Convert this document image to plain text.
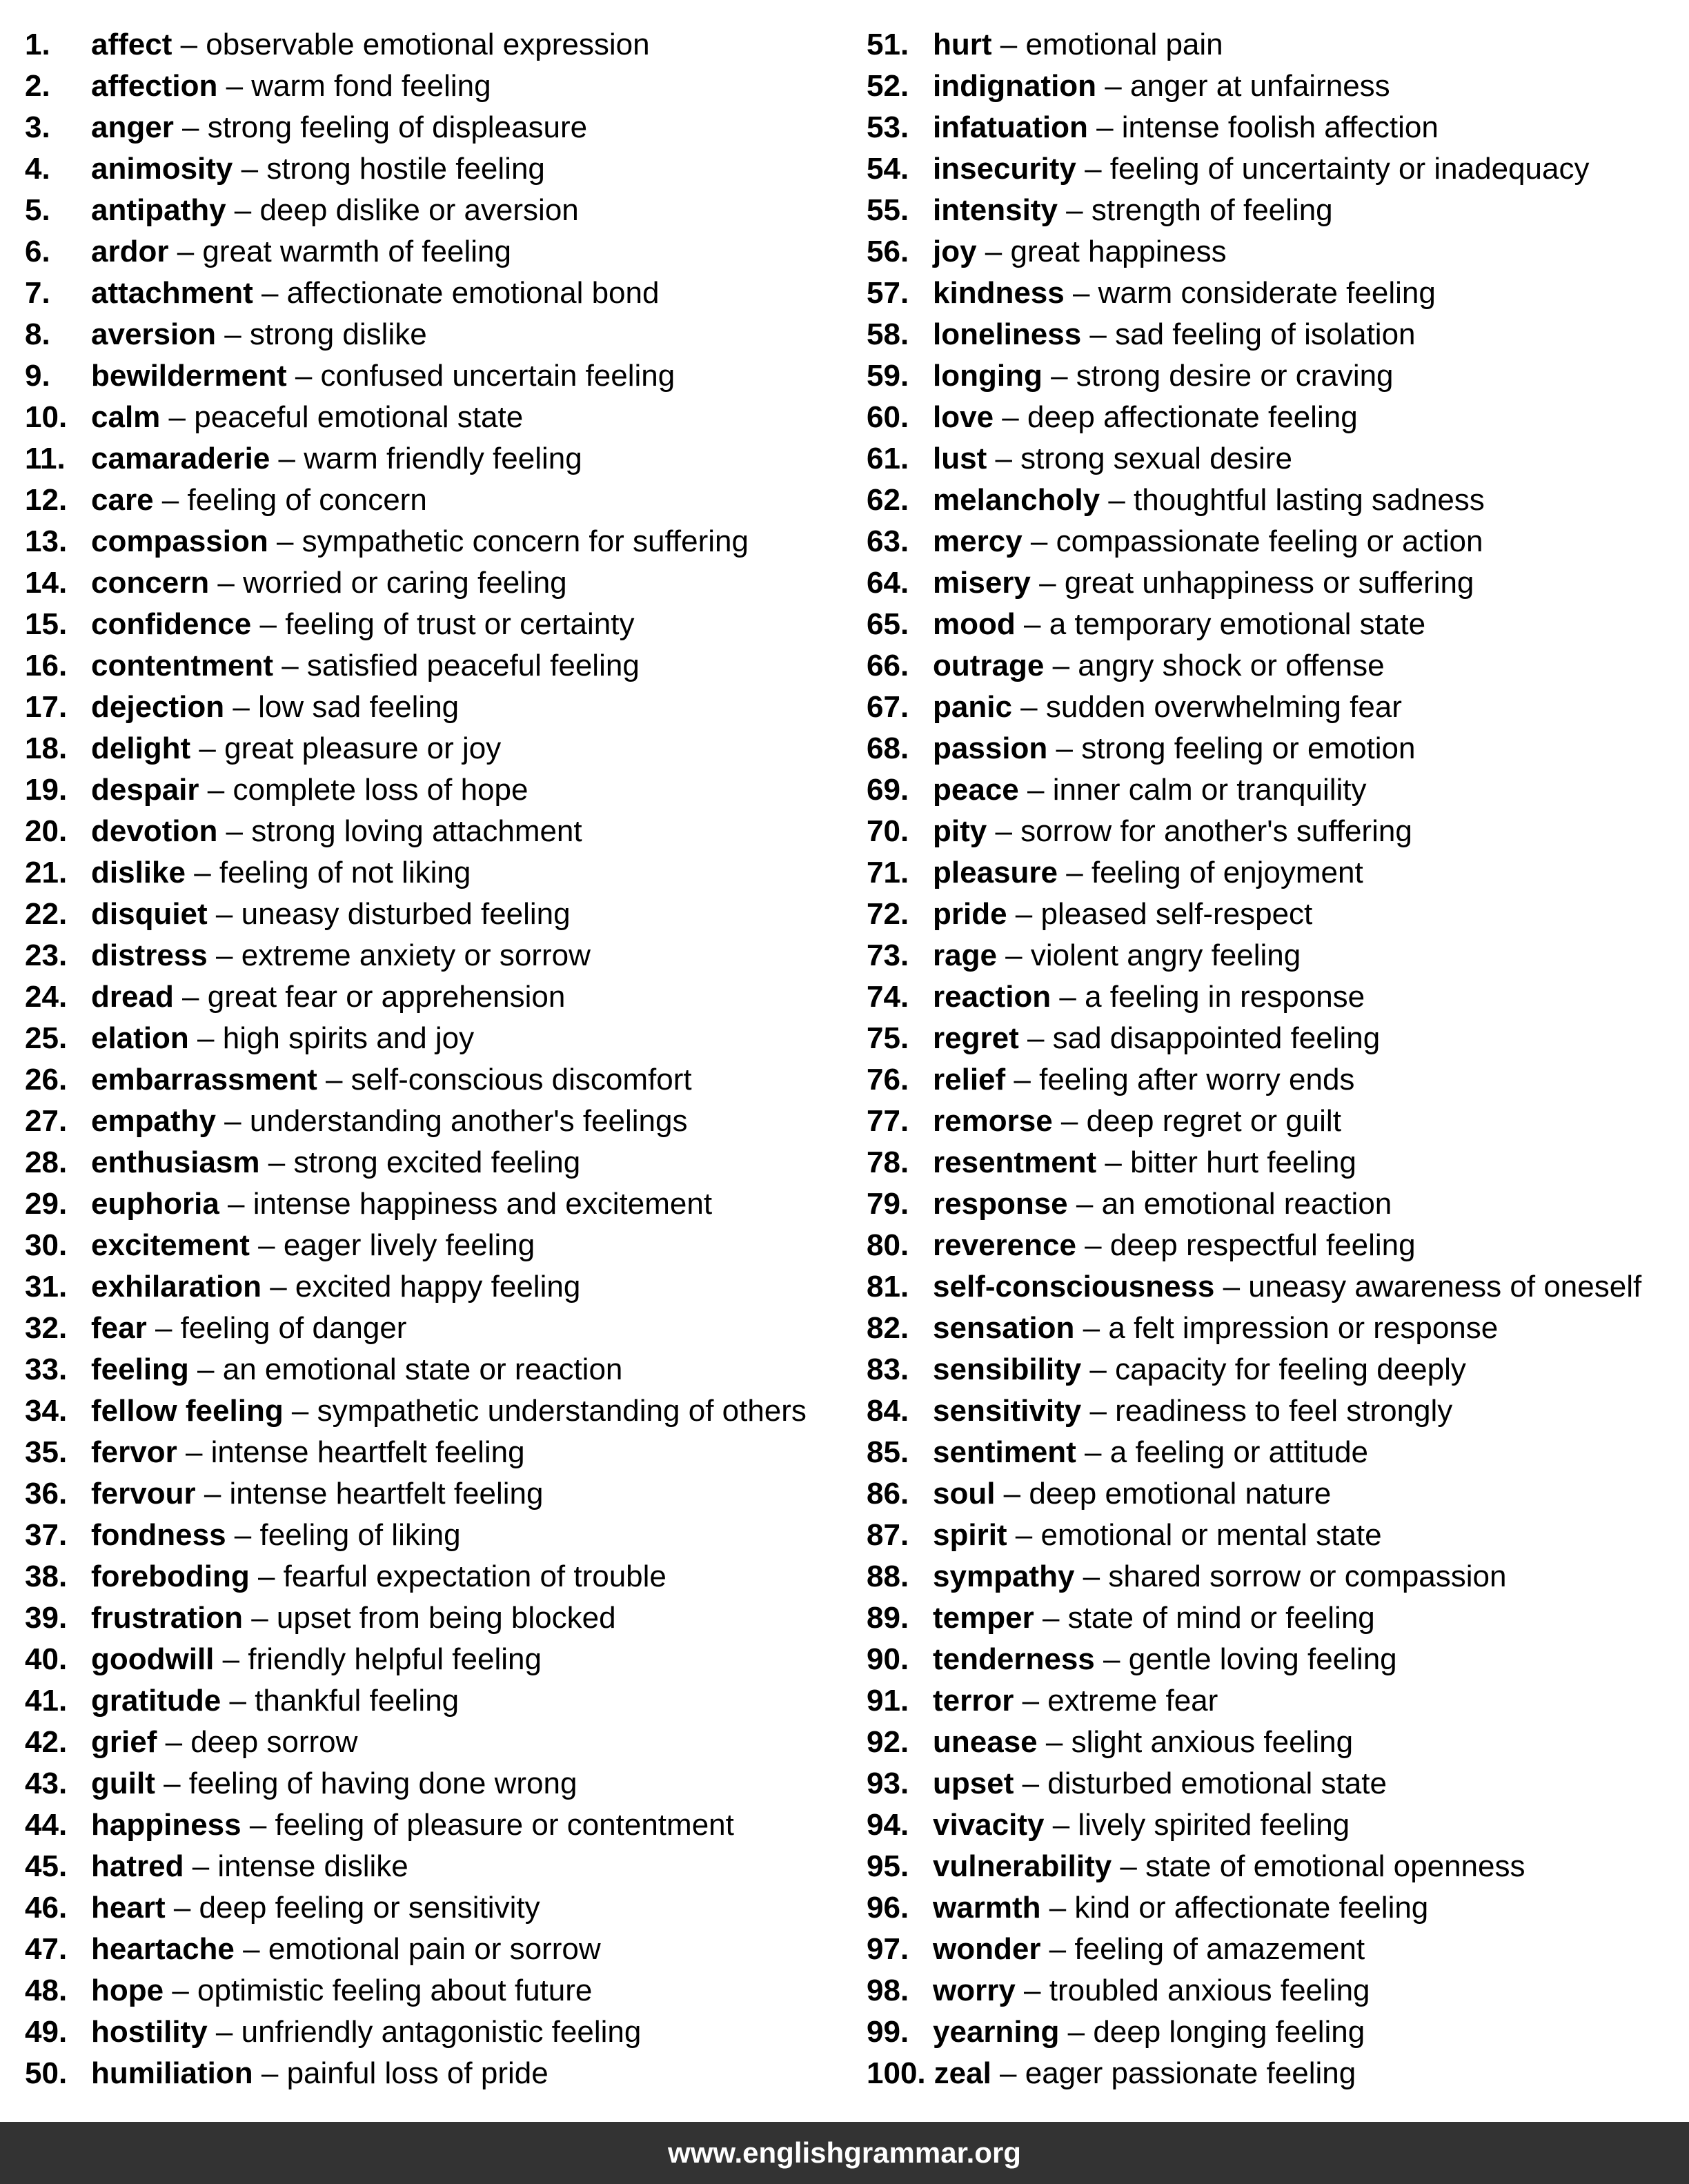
1. affect – observable emotional expression
2. affection – warm fond feeling
3. anger – strong feeling of displeasure
4. animosity – strong hostile feeling
5. antipathy – deep dislike or aversion
6. ardor – great warmth of feeling
7. attachment – affectionate emotional bond
8. aversion – strong dislike
9. bewilderment – confused uncertain feeling
10. calm – peaceful emotional state
11. camaraderie – warm friendly feeling
12. care – feeling of concern
13. compassion – sympathetic concern for suffering
14. concern – worried or caring feeling
15. confidence – feeling of trust or certainty
16. contentment – satisfied peaceful feeling
17. dejection – low sad feeling
18. delight – great pleasure or joy
19. despair – complete loss of hope
20. devotion – strong loving attachment
21. dislike – feeling of not liking
22. disquiet – uneasy disturbed feeling
23. distress – extreme anxiety or sorrow
24. dread – great fear or apprehension
25. elation – high spirits and joy
26. embarrassment – self-conscious discomfort
27. empathy – understanding another's feelings
28. enthusiasm – strong excited feeling
29. euphoria – intense happiness and excitement
30. excitement – eager lively feeling
31. exhilaration – excited happy feeling
32. fear – feeling of danger
33. feeling – an emotional state or reaction
34. fellow feeling – sympathetic understanding of others
35. fervor – intense heartfelt feeling
36. fervour – intense heartfelt feeling
37. fondness – feeling of liking
38. foreboding – fearful expectation of trouble
39. frustration – upset from being blocked
40. goodwill – friendly helpful feeling
41. gratitude – thankful feeling
42. grief – deep sorrow
43. guilt – feeling of having done wrong
44. happiness – feeling of pleasure or contentment
45. hatred – intense dislike
46. heart – deep feeling or sensitivity
47. heartache – emotional pain or sorrow
48. hope – optimistic feeling about future
49. hostility – unfriendly antagonistic feeling
50. humiliation – painful loss of pride
51. hurt – emotional pain
52. indignation – anger at unfairness
53. infatuation – intense foolish affection
54. insecurity – feeling of uncertainty or inadequacy
55. intensity – strength of feeling
56. joy – great happiness
57. kindness – warm considerate feeling
58. loneliness – sad feeling of isolation
59. longing – strong desire or craving
60. love – deep affectionate feeling
61. lust – strong sexual desire
62. melancholy – thoughtful lasting sadness
63. mercy – compassionate feeling or action
64. misery – great unhappiness or suffering
65. mood – a temporary emotional state
66. outrage – angry shock or offense
67. panic – sudden overwhelming fear
68. passion – strong feeling or emotion
69. peace – inner calm or tranquility
70. pity – sorrow for another's suffering
71. pleasure – feeling of enjoyment
72. pride – pleased self-respect
73. rage – violent angry feeling
74. reaction – a feeling in response
75. regret – sad disappointed feeling
76. relief – feeling after worry ends
77. remorse – deep regret or guilt
78. resentment – bitter hurt feeling
79. response – an emotional reaction
80. reverence – deep respectful feeling
81. self-consciousness – uneasy awareness of oneself
82. sensation – a felt impression or response
83. sensibility – capacity for feeling deeply
84. sensitivity – readiness to feel strongly
85. sentiment – a feeling or attitude
86. soul – deep emotional nature
87. spirit – emotional or mental state
88. sympathy – shared sorrow or compassion
89. temper – state of mind or feeling
90. tenderness – gentle loving feeling
91. terror – extreme fear
92. unease – slight anxious feeling
93. upset – disturbed emotional state
94. vivacity – lively spirited feeling
95. vulnerability – state of emotional openness
96. warmth – kind or affectionate feeling
97. wonder – feeling of amazement
98. worry – troubled anxious feeling
99. yearning – deep longing feeling
100. zeal – eager passionate feeling
www.englishgrammar.org
